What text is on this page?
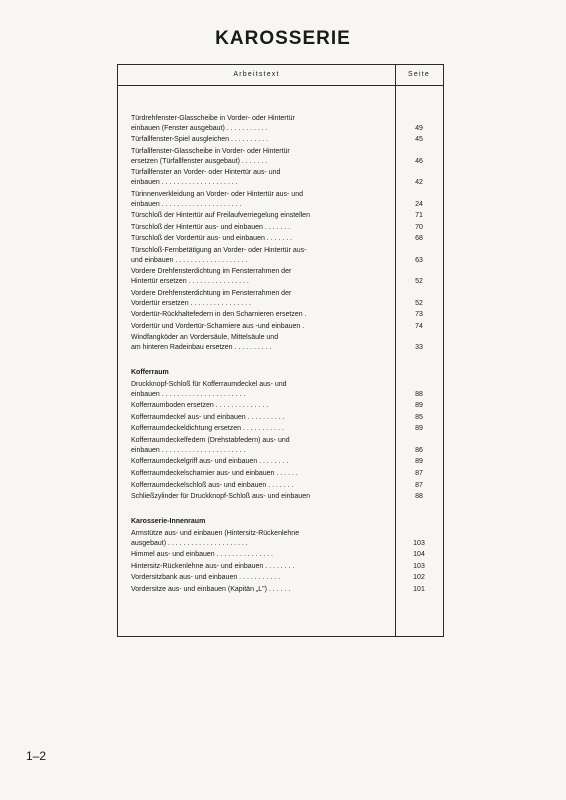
KAROSSERIE
Arbeitstext	Seite
Türdrehfenster-Glasscheibe in Vorder- oder Hintertür
einbauen (Fenster ausgebaut) . . . . . . . . . . .	49
Türfallfenster-Spiel ausgleichen . . . . . . . . . .	45
Türfallfenster-Glasscheibe in Vorder- oder Hintertür
ersetzen (Türfallfenster ausgebaut) . . . . . . .	46
Türfallfenster an Vorder- oder Hintertür aus- und
einbauen . . . . . . . . . . . . . . . . . . . .	42
Türinnenverkleidung an Vorder- oder Hintertür aus- und
einbauen . . . . . . . . . . . . . . . . . . . . .	24
Türschloß der Hintertür auf Freilaufverriegelung einstellen	71
Türschloß der Hintertür aus- und einbauen . . . . . . .	70
Türschloß der Vordertür aus- und einbauen . . . . . . .	68
Türschloß-Fernbetätigung an Vorder- oder Hintertür aus-
und einbauen . . . . . . . . . . . . . . . . . . .	63
Vordere Drehfensterdichtung im Fensterrahmen der
Hintertür ersetzen . . . . . . . . . . . . . . . .	52
Vordere Drehfensterdichtung im Fensterrahmen der
Vordertür ersetzen . . . . . . . . . . . . . . . .	52
Vordertür-Rückhaltefedern in den Scharnieren ersetzen .	73
Vordertür und Vordertür-Scharniere aus -und einbauen .	74
Windfangköder an Vordersäule, Mittelsäule und
am hinteren Radeinbau ersetzen . . . . . . . . . .	33
Kofferraum
Druckknopf-Schloß für Kofferraumdeckel aus- und
einbauen . . . . . . . . . . . . . . . . . . . . . .	88
Kofferraumboden ersetzen . . . . . . . . . . . . . .	89
Kofferraumdeckel aus- und einbauen . . . . . . . . . .	85
Kofferraumdeckeldichtung ersetzen . . . . . . . . . . .	89
Kofferraumdeckelfedern (Drehstabfedern) aus- und
einbauen . . . . . . . . . . . . . . . . . . . . . .	86
Kofferraumdeckelgriff aus- und einbauen . . . . . . . .	89
Kofferraumdeckelscharnier aus- und einbauen . . . . . .	87
Kofferraumdeckelschloß aus- und einbauen . . . . . . .	87
Schließzylinder für Druckknopf-Schloß aus- und einbauen	88
Karosserie-Innenraum
Armstütze aus- und einbauen (Hintersitz-Rückenlehne
ausgebaut) . . . . . . . . . . . . . . . . . . . . .	103
Himmel aus- und einbauen . . . . . . . . . . . . . . .	104
Hintersitz-Rückenlehne aus- und einbauen . . . . . . . .	103
Vordersitzbank aus- und einbauen . . . . . . . . . . .	102
Vordersitze aus- und einbauen (Kapitän „L") . . . . . .	101
1–2
